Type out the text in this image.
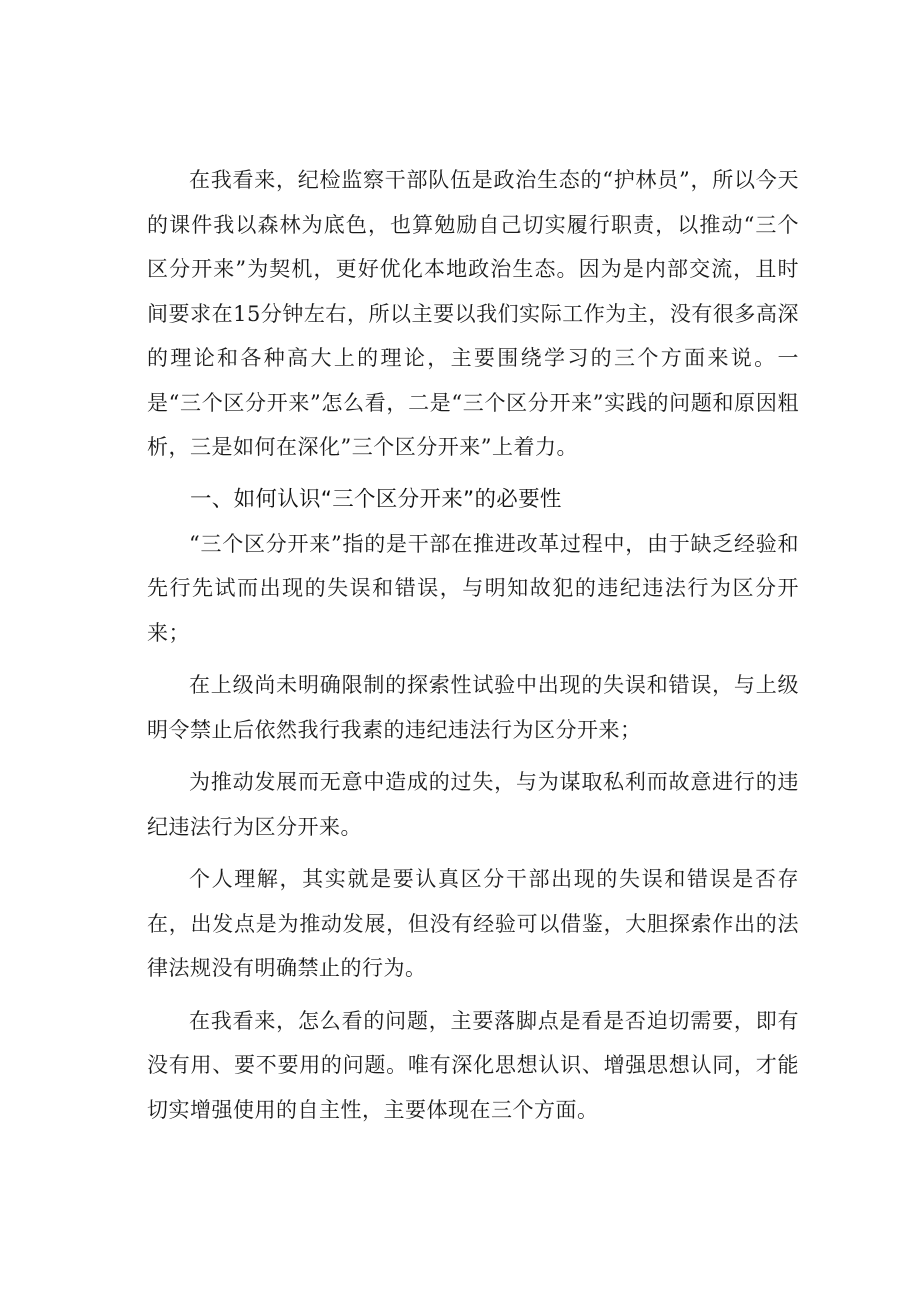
在我看来，纪检监察干部队伍是政治生态的“护林员”，所以今天的课件我以森林为底色，也算勉励自己切实履行职责，以推动“三个区分开来”为契机，更好优化本地政治生态。因为是内部交流，且时间要求在15分钟左右，所以主要以我们实际工作为主，没有很多高深的理论和各种高大上的理论，主要围绕学习的三个方面来说。一是“三个区分开来”怎么看，二是“三个区分开来”实践的问题和原因粗析，三是如何在深化”三个区分开来”上着力。

一、如何认识“三个区分开来”的必要性

“三个区分开来”指的是干部在推进改革过程中，由于缺乏经验和先行先试而出现的失误和错误，与明知故犯的违纪违法行为区分开来；

在上级尚未明确限制的探索性试验中出现的失误和错误，与上级明令禁止后依然我行我素的违纪违法行为区分开来；

为推动发展而无意中造成的过失，与为谋取私利而故意进行的违纪违法行为区分开来。

个人理解，其实就是要认真区分干部出现的失误和错误是否存在，出发点是为推动发展，但没有经验可以借鉴，大胆探索作出的法律法规没有明确禁止的行为。

在我看来，怎么看的问题，主要落脚点是看是否迫切需要，即有没有用、要不要用的问题。唯有深化思想认识、增强思想认同，才能切实增强使用的自主性，主要体现在三个方面。
